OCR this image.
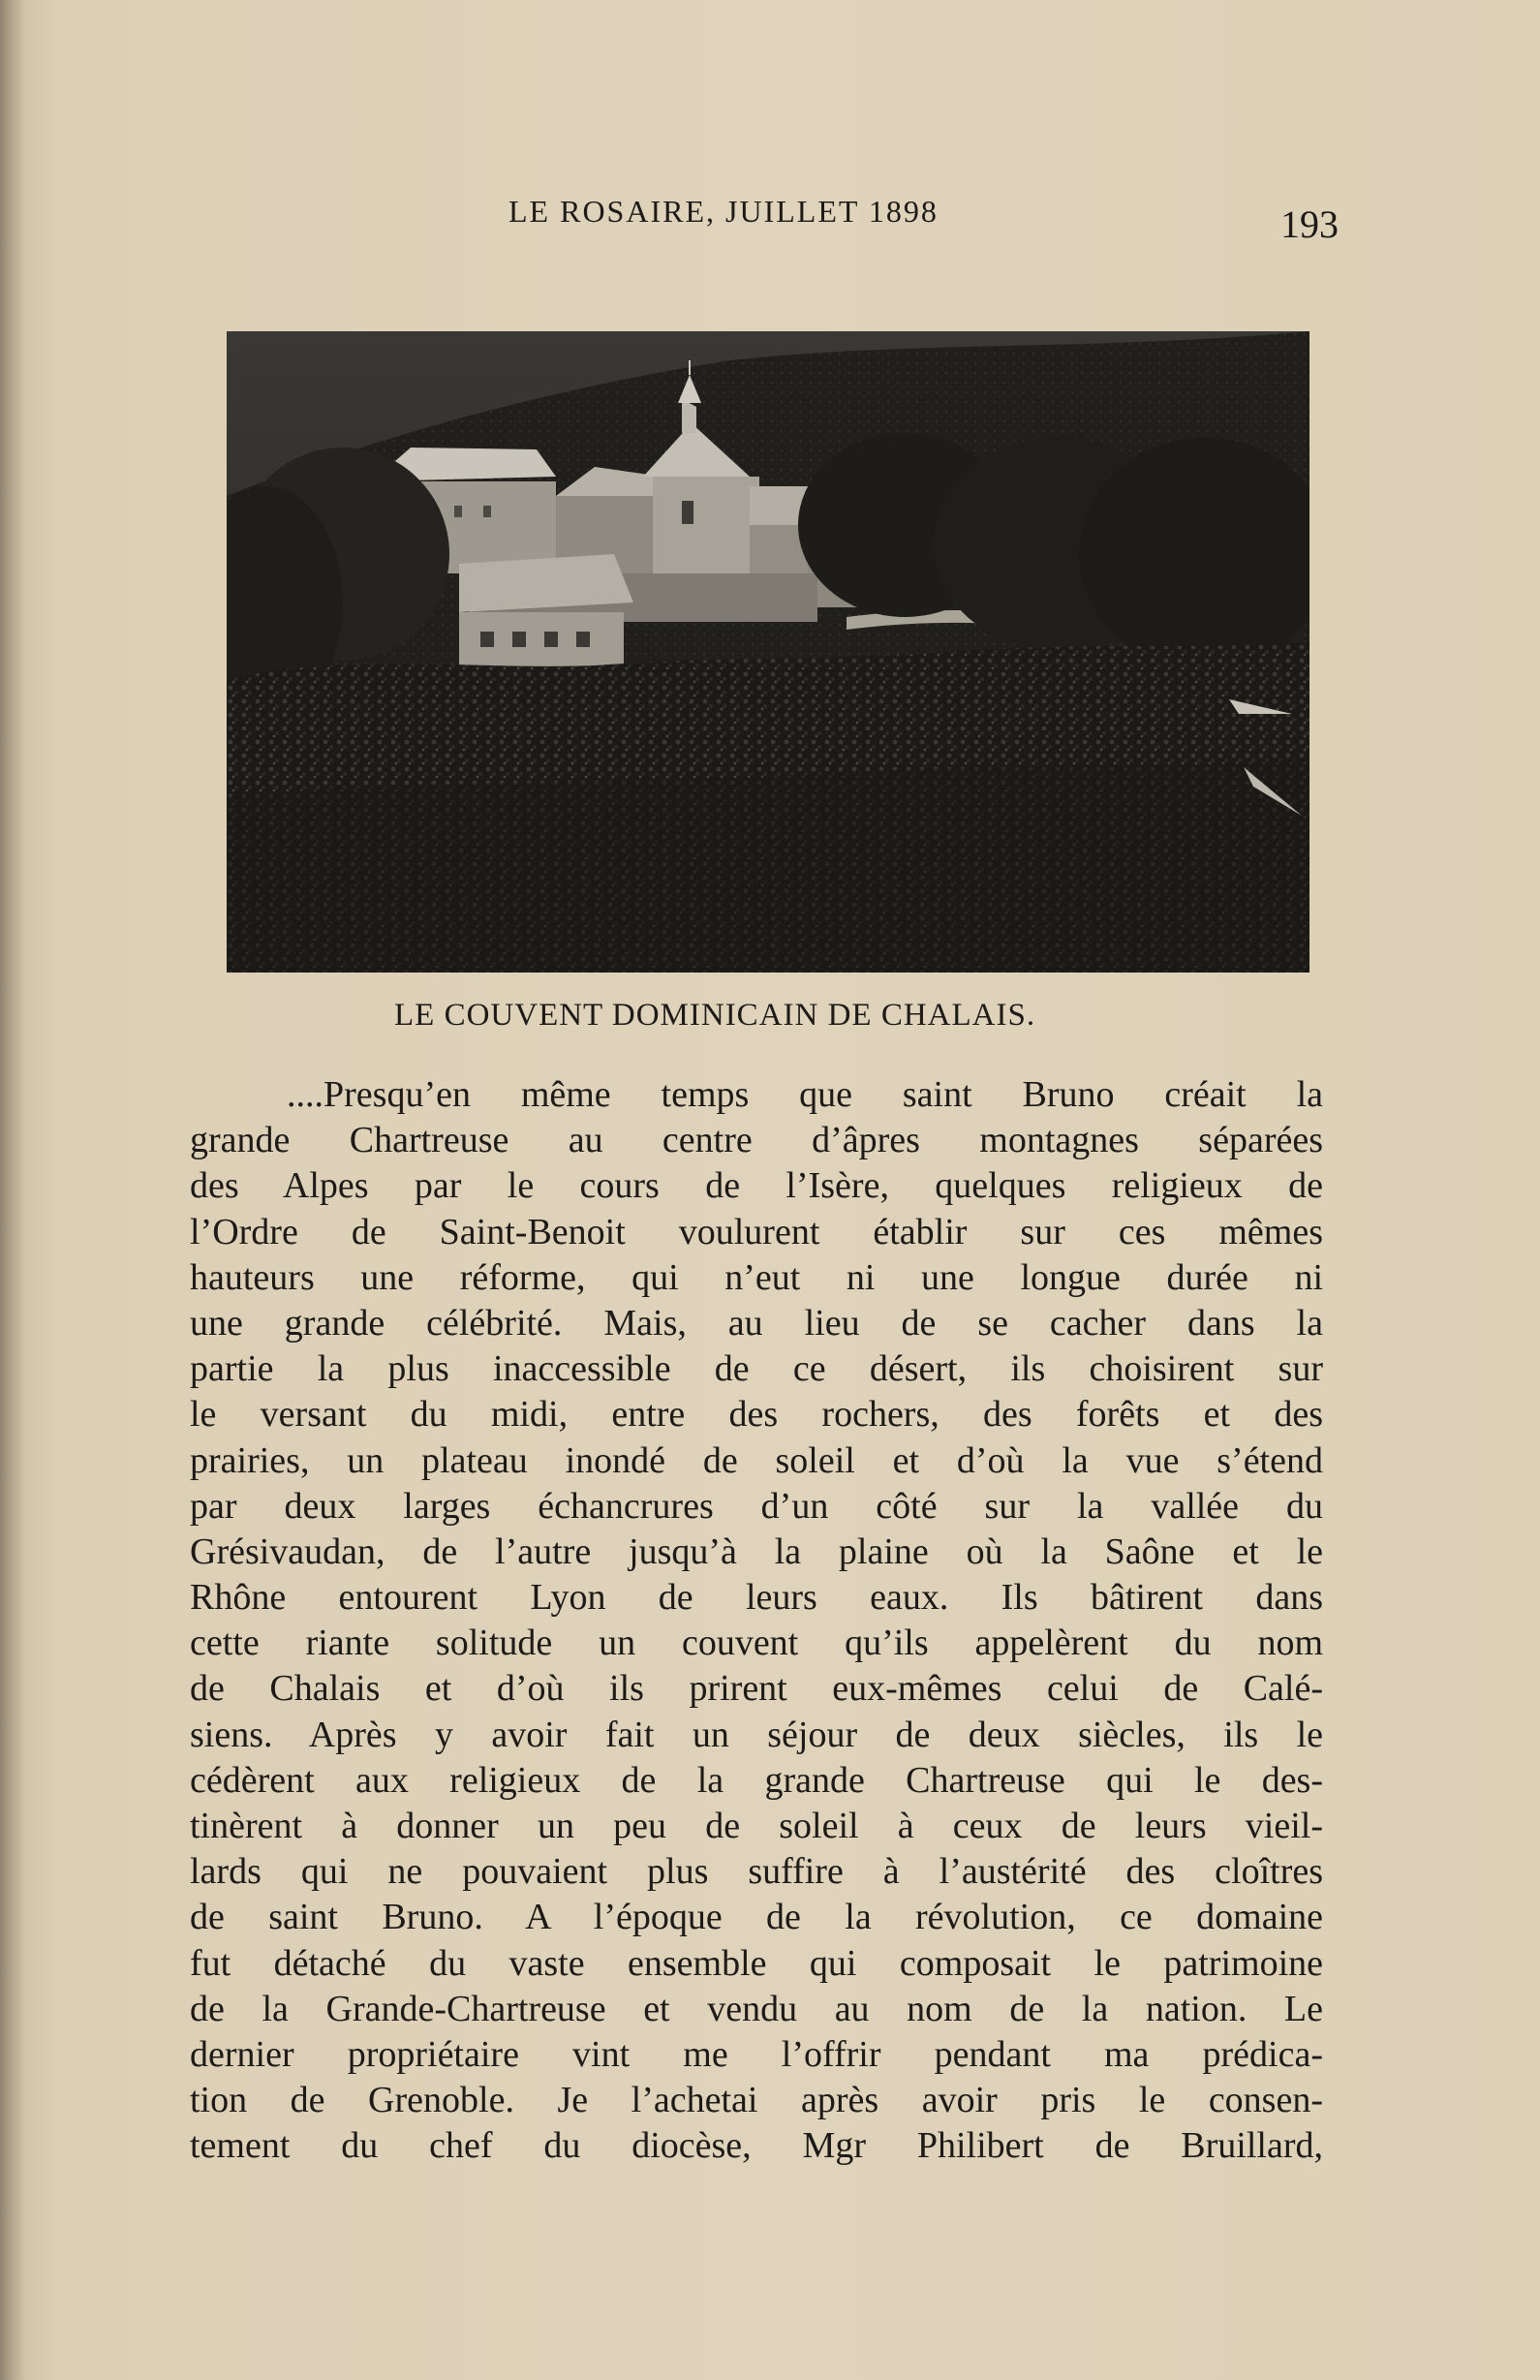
LE ROSAIRE, JUILLET 1898	193
LE COUVENT DOMINICAIN DE CHALAIS.
....Presqu’en même temps que saint Bruno créait la
grande Chartreuse au centre d’âpres montagnes séparées
des Alpes par le cours de l’Isère, quelques religieux de
l’Ordre de Saint-Benoit voulurent établir sur ces mêmes
hauteurs une réforme, qui n’eut ni une longue durée ni
une grande célébrité. Mais, au lieu de se cacher dans la
partie la plus inaccessible de ce désert, ils choisirent sur
le versant du midi, entre des rochers, des forêts et des
prairies, un plateau inondé de soleil et d’où la vue s’étend
par deux larges échancrures d’un côté sur la vallée du
Grésivaudan, de l’autre jusqu’à la plaine où la Saône et le
Rhône entourent Lyon de leurs eaux. Ils bâtirent dans
cette riante solitude un couvent qu’ils appelèrent du nom
de Chalais et d’où ils prirent eux-mêmes celui de Calé-
siens. Après y avoir fait un séjour de deux siècles, ils le
cédèrent aux religieux de la grande Chartreuse qui le des-
tinèrent à donner un peu de soleil à ceux de leurs vieil-
lards qui ne pouvaient plus suffire à l’austérité des cloîtres
de saint Bruno. A l’époque de la révolution, ce domaine
fut détaché du vaste ensemble qui composait le patrimoine
de la Grande-Chartreuse et vendu au nom de la nation. Le
dernier propriétaire vint me l’offrir pendant ma prédica-
tion de Grenoble. Je l’achetai après avoir pris le consen-
tement du chef du diocèse, Mgr Philibert de Bruillard,
